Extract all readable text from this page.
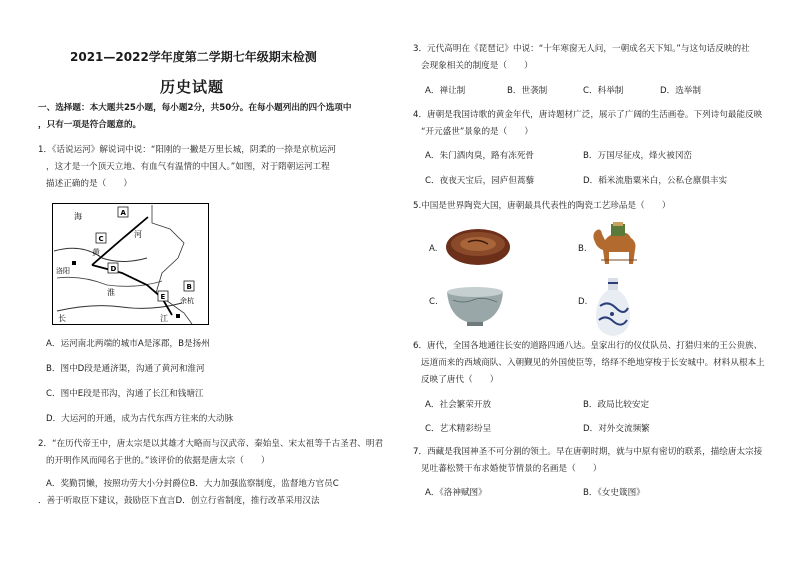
2021—2022学年度第二学期七年级期末检测
历史试题
一、选择题：本大题共25小题，每小题2分，共50分。在每小题列出的四个选项中
，只有一项是符合题意的。
1．《话说运河》解说词中说：“阳刚的一撇是万里长城，阴柔的一捺是京杭运河
，这才是一个顶天立地、有血气有温情的中国人。”如图，对于隋朝运河工程
描述正确的是（　　）
海
河
黄
淮
江
长
洛阳
余杭
A
B
C
D
E
A．运河南北两端的城市A是涿郡，B是扬州
B．图中D段是通济渠，沟通了黄河和淮河
C．图中E段是邗沟，沟通了长江和钱塘江
D．大运河的开通，成为古代东西方往来的大动脉
2．“在历代帝王中，唐太宗是以其雄才大略而与汉武帝、秦始皇、宋太祖等千古圣君、明君
的开明作风而闻名于世的。”该评价的依据是唐太宗（　　）
A．奖勤罚懒，按照功劳大小分封爵位B．大力加强监察制度，监督地方官员C
．善于听取臣下建议，鼓励臣下直言D．创立行省制度，推行改革采用汉法
3．元代高明在《琵琶记》中说：“十年寒窗无人问，一朝成名天下知。”与这句话反映的社
会现象相关的制度是（　　）
A．禅让制	B．世袭制	C．科举制	D．选举制
4．唐朝是我国诗歌的黄金年代，唐诗题材广泛，展示了广阔的生活画卷。下列诗句最能反映
“开元盛世”景象的是（　　）
A．朱门酒肉臭，路有冻死骨	B．万国尽征戍，烽火被冈峦
C．夜夜天宝后，园庐但蒿藜	D．稻米流脂粟米白，公私仓廪俱丰实
5.中国是世界陶瓷大国，唐朝最具代表性的陶瓷工艺珍品是（　　）
A.	B.
C.	D.
6．唐代，全国各地通往长安的道路四通八达。皇家出行的仪仗队员、打猎归来的王公贵族、
远道而来的西域商队、入朝觐见的外国使臣等，络绎不绝地穿梭于长安城中。材料从根本上
反映了唐代（　　）
A．社会繁荣开放	B．政局比较安定
C．艺术精彩纷呈	D．对外交流频繁
7．西藏是我国神圣不可分割的领土。早在唐朝时期，就与中原有密切的联系，描绘唐太宗接
见吐蕃松赞干布求婚使节情景的名画是（　　）
A．《洛神赋图》	B．《女史箴图》
